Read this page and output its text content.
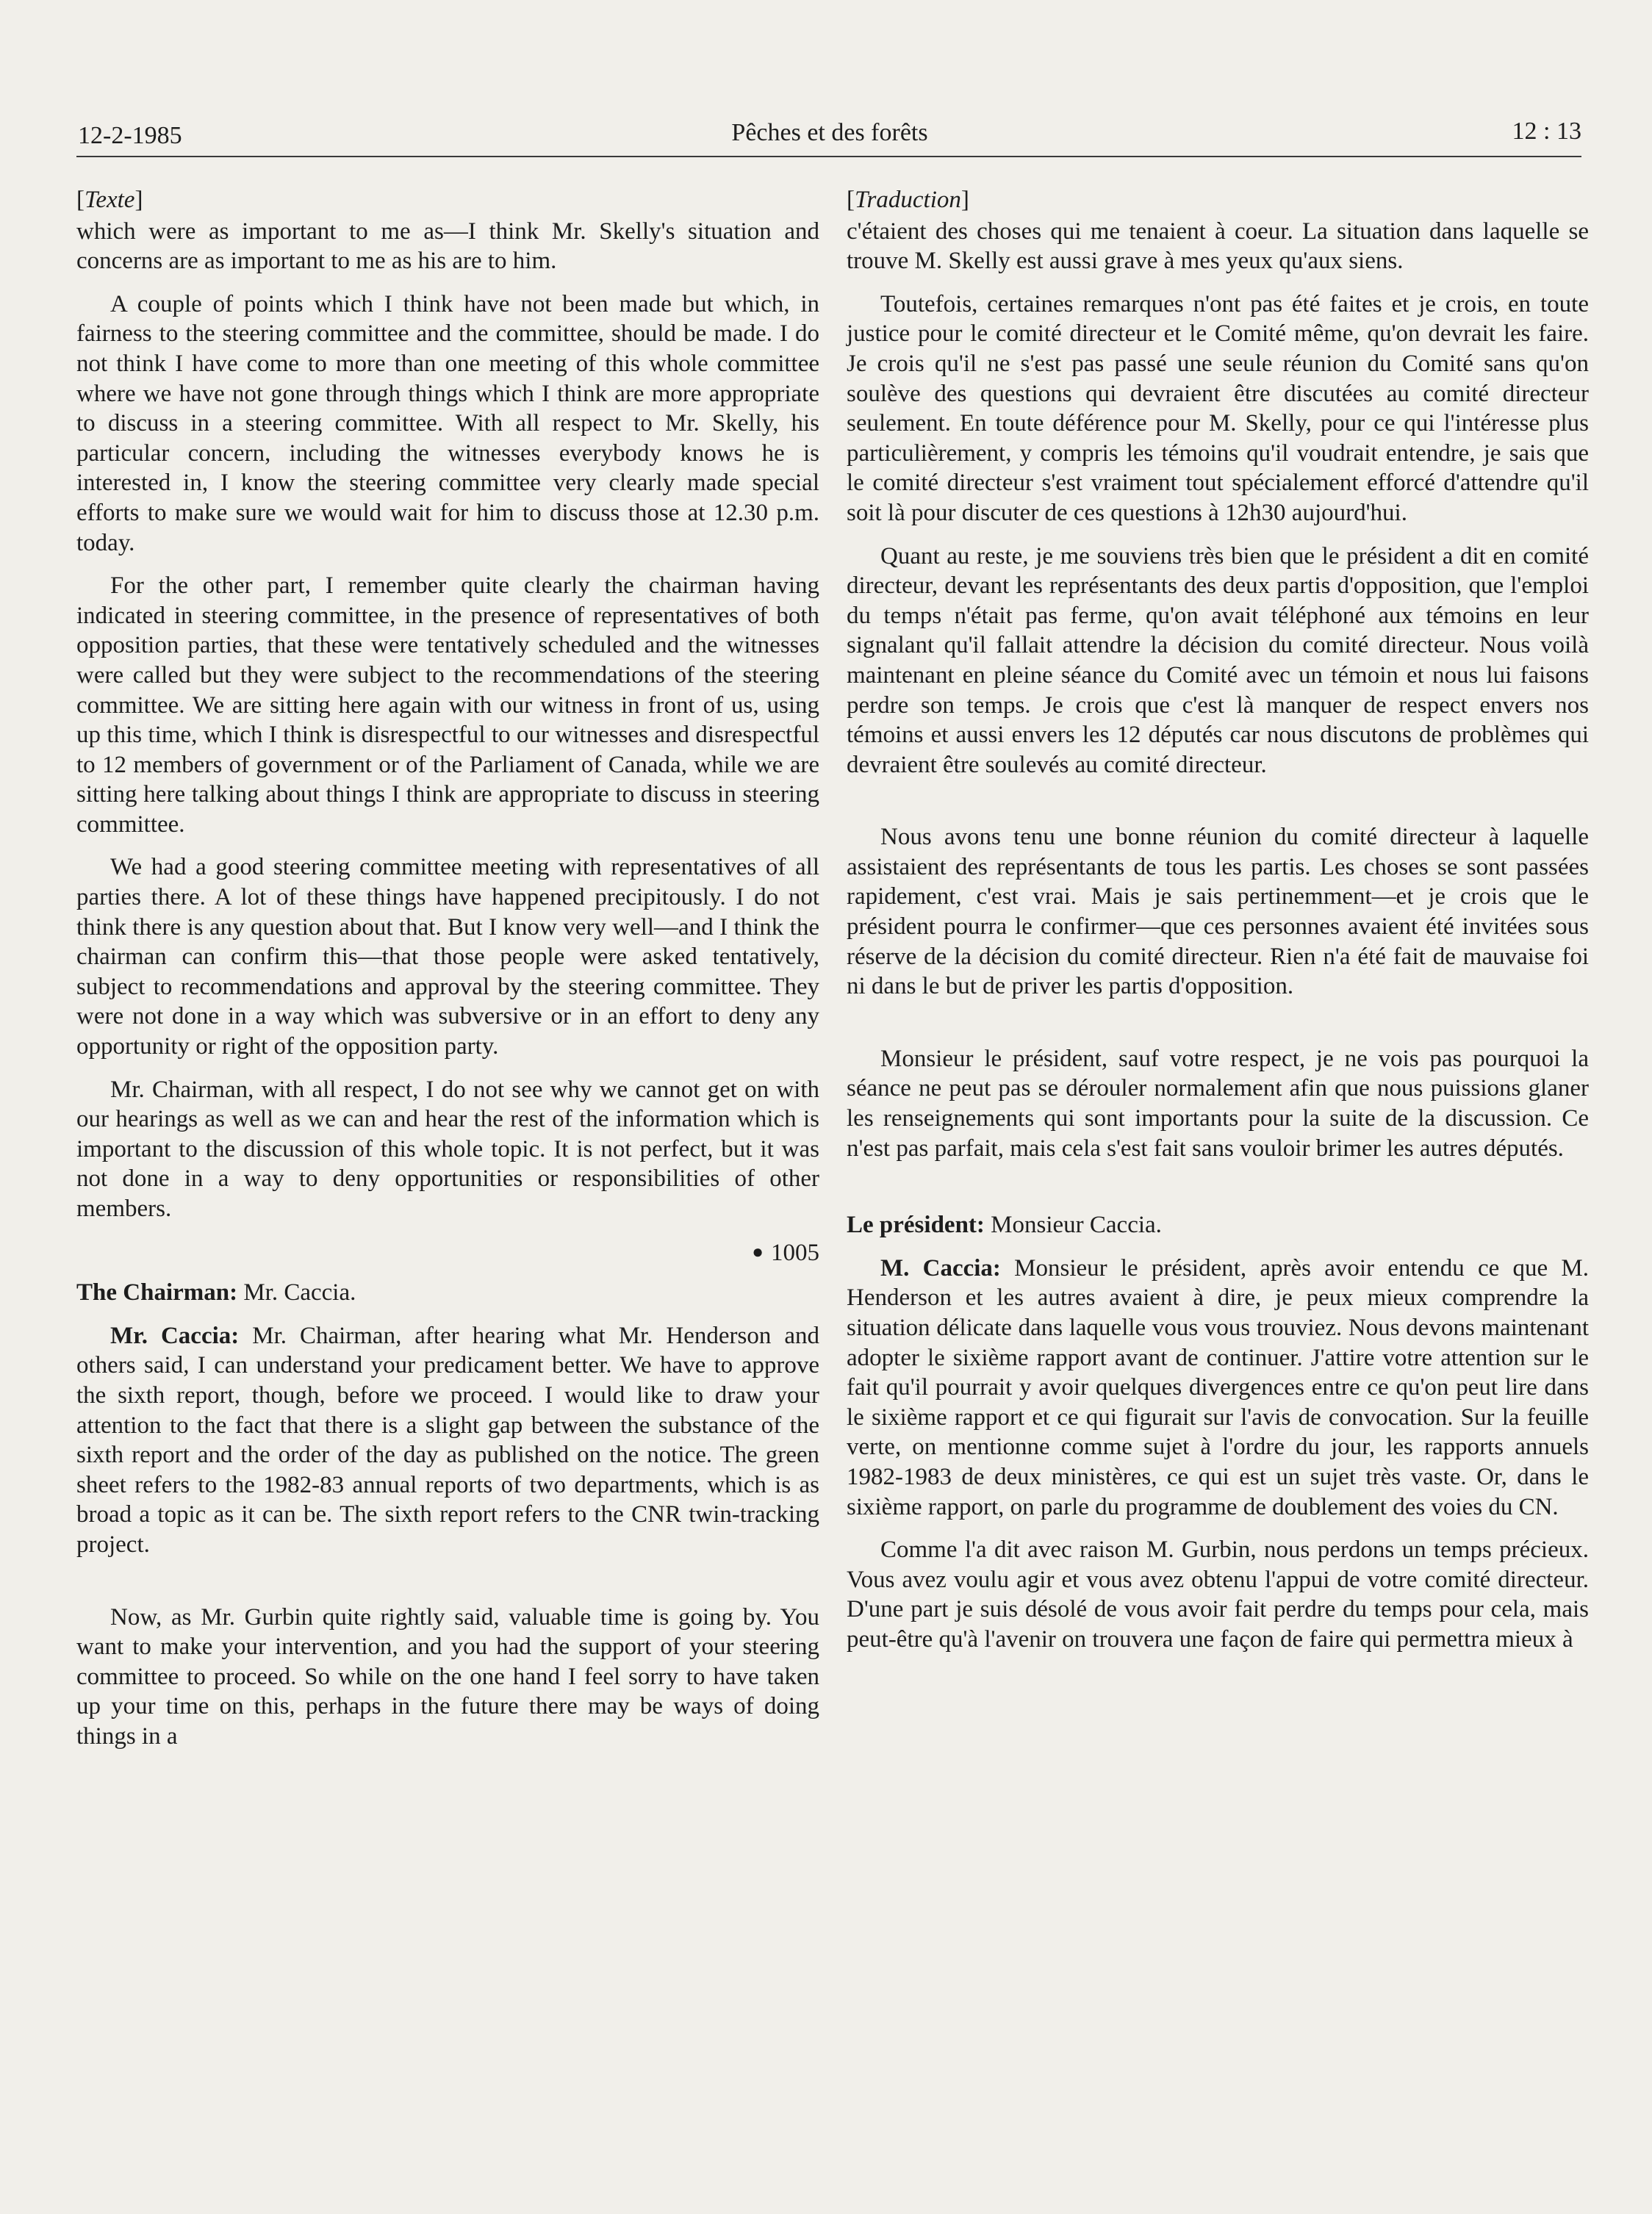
12-2-1985	Pêches et des forêts	12 : 13

[Texte]

which were as important to me as—I think Mr. Skelly's situation and concerns are as important to me as his are to him.

A couple of points which I think have not been made but which, in fairness to the steering committee and the committee, should be made. I do not think I have come to more than one meeting of this whole committee where we have not gone through things which I think are more appropriate to discuss in a steering committee. With all respect to Mr. Skelly, his particular concern, including the witnesses everybody knows he is interested in, I know the steering committee very clearly made special efforts to make sure we would wait for him to discuss those at 12.30 p.m. today.

For the other part, I remember quite clearly the chairman having indicated in steering committee, in the presence of representatives of both opposition parties, that these were tentatively scheduled and the witnesses were called but they were subject to the recommendations of the steering committee. We are sitting here again with our witness in front of us, using up this time, which I think is disrespectful to our witnesses and disrespectful to 12 members of government or of the Parliament of Canada, while we are sitting here talking about things I think are appropriate to discuss in steering committee.

We had a good steering committee meeting with representatives of all parties there. A lot of these things have happened precipitously. I do not think there is any question about that. But I know very well—and I think the chairman can confirm this—that those people were asked tentatively, subject to recommendations and approval by the steering committee. They were not done in a way which was subversive or in an effort to deny any opportunity or right of the opposition party.

Mr. Chairman, with all respect, I do not see why we cannot get on with our hearings as well as we can and hear the rest of the information which is important to the discussion of this whole topic. It is not perfect, but it was not done in a way to deny opportunities or responsibilities of other members.

● 1005

The Chairman: Mr. Caccia.

Mr. Caccia: Mr. Chairman, after hearing what Mr. Henderson and others said, I can understand your predicament better. We have to approve the sixth report, though, before we proceed. I would like to draw your attention to the fact that there is a slight gap between the substance of the sixth report and the order of the day as published on the notice. The green sheet refers to the 1982-83 annual reports of two departments, which is as broad a topic as it can be. The sixth report refers to the CNR twin-tracking project.

Now, as Mr. Gurbin quite rightly said, valuable time is going by. You want to make your intervention, and you had the support of your steering committee to proceed. So while on the one hand I feel sorry to have taken up your time on this, perhaps in the future there may be ways of doing things in a

[Traduction]

c'étaient des choses qui me tenaient à coeur. La situation dans laquelle se trouve M. Skelly est aussi grave à mes yeux qu'aux siens.

Toutefois, certaines remarques n'ont pas été faites et je crois, en toute justice pour le comité directeur et le Comité même, qu'on devrait les faire. Je crois qu'il ne s'est pas passé une seule réunion du Comité sans qu'on soulève des questions qui devraient être discutées au comité directeur seulement. En toute déférence pour M. Skelly, pour ce qui l'intéresse plus particulièrement, y compris les témoins qu'il voudrait entendre, je sais que le comité directeur s'est vraiment tout spécialement efforcé d'attendre qu'il soit là pour discuter de ces questions à 12h30 aujourd'hui.

Quant au reste, je me souviens très bien que le président a dit en comité directeur, devant les représentants des deux partis d'opposition, que l'emploi du temps n'était pas ferme, qu'on avait téléphoné aux témoins en leur signalant qu'il fallait attendre la décision du comité directeur. Nous voilà maintenant en pleine séance du Comité avec un témoin et nous lui faisons perdre son temps. Je crois que c'est là manquer de respect envers nos témoins et aussi envers les 12 députés car nous discutons de problèmes qui devraient être soulevés au comité directeur.

Nous avons tenu une bonne réunion du comité directeur à laquelle assistaient des représentants de tous les partis. Les choses se sont passées rapidement, c'est vrai. Mais je sais pertinemment—et je crois que le président pourra le confirmer—que ces personnes avaient été invitées sous réserve de la décision du comité directeur. Rien n'a été fait de mauvaise foi ni dans le but de priver les partis d'opposition.

Monsieur le président, sauf votre respect, je ne vois pas pourquoi la séance ne peut pas se dérouler normalement afin que nous puissions glaner les renseignements qui sont importants pour la suite de la discussion. Ce n'est pas parfait, mais cela s'est fait sans vouloir brimer les autres députés.

Le président: Monsieur Caccia.

M. Caccia: Monsieur le président, après avoir entendu ce que M. Henderson et les autres avaient à dire, je peux mieux comprendre la situation délicate dans laquelle vous vous trouviez. Nous devons maintenant adopter le sixième rapport avant de continuer. J'attire votre attention sur le fait qu'il pourrait y avoir quelques divergences entre ce qu'on peut lire dans le sixième rapport et ce qui figurait sur l'avis de convocation. Sur la feuille verte, on mentionne comme sujet à l'ordre du jour, les rapports annuels 1982-1983 de deux ministères, ce qui est un sujet très vaste. Or, dans le sixième rapport, on parle du programme de doublement des voies du CN.

Comme l'a dit avec raison M. Gurbin, nous perdons un temps précieux. Vous avez voulu agir et vous avez obtenu l'appui de votre comité directeur. D'une part je suis désolé de vous avoir fait perdre du temps pour cela, mais peut-être qu'à l'avenir on trouvera une façon de faire qui permettra mieux à
